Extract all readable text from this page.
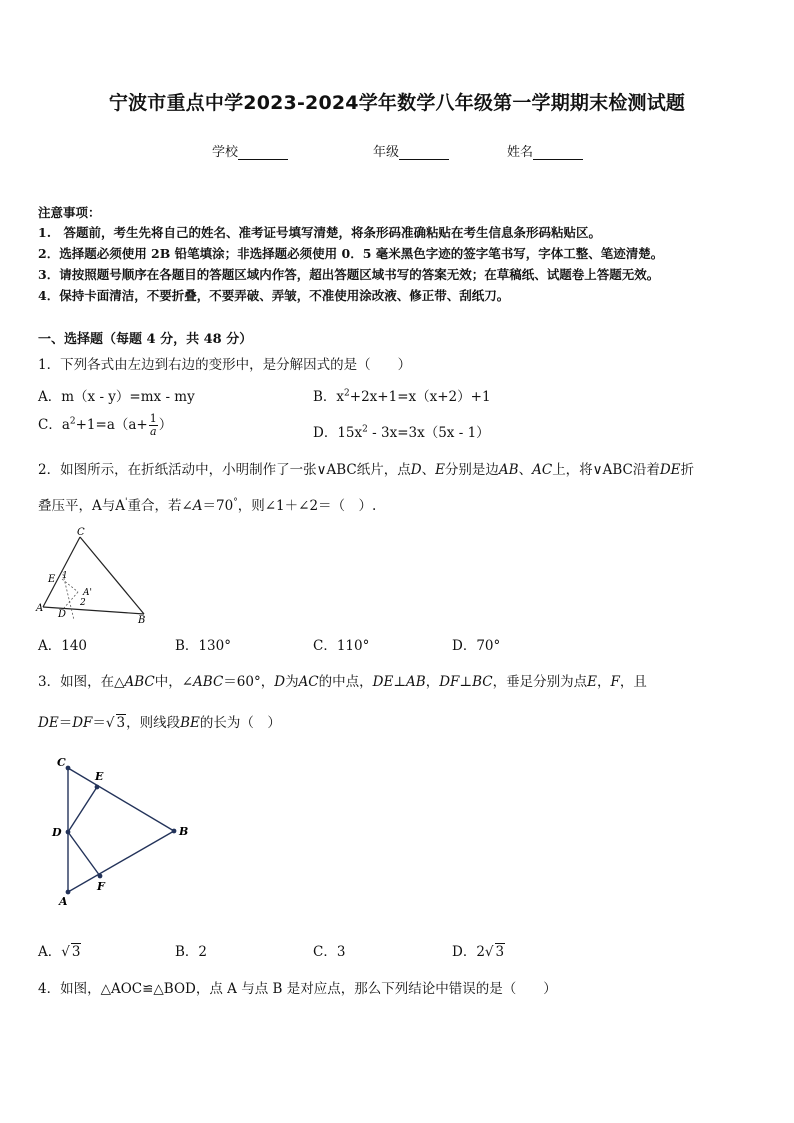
宁波市重点中学2023-2024学年数学八年级第一学期期末检测试题
学校	年级	姓名
注意事项：
1.　答题前，考生先将自己的姓名、准考证号填写清楚，将条形码准确粘贴在考生信息条形码粘贴区。
2．选择题必须使用 2B 铅笔填涂；非选择题必须使用 0．5 毫米黑色字迹的签字笔书写，字体工整、笔迹清楚。
3．请按照题号顺序在各题目的答题区域内作答，超出答题区域书写的答案无效；在草稿纸、试题卷上答题无效。
4．保持卡面清洁，不要折叠，不要弄破、弄皱，不准使用涂改液、修正带、刮纸刀。
一、选择题（每题 4 分，共 48 分）
1．下列各式由左边到右边的变形中，是分解因式的是（　　）
A．m（x - y）=mx - my	B．$x^2+2x+1=x(x+2)+1$
C．$a^2+1=a(a+ \frac{1}{a}$ ）	D．$15x^2 - 3x=3x(5x - 1)$
2．如图所示，在折纸活动中，小明制作了一张∨ABC纸片，点D、E分别是边AB、AC上，将∨ABC沿着DE折
叠压平，A与A'重合，若∠A＝70°，则∠1＋∠2＝（　）.
C
E 1
A
A'
2
D
B
A．140	B．130°	C．110°	D．70°
3．如图，在△ABC中，∠ABC＝60°，D为AC的中点，DE⊥AB，DF⊥BC，垂足分别为点E，F，且
DE＝DF＝√ 3，则线段BE的长为（　）
C
E
D	B
F
A
A．√ 3	B．2	C．3	D．2√ 3
4．如图，△AOC≌△BOD，点 A 与点 B 是对应点，那么下列结论中错误的是（　　）
